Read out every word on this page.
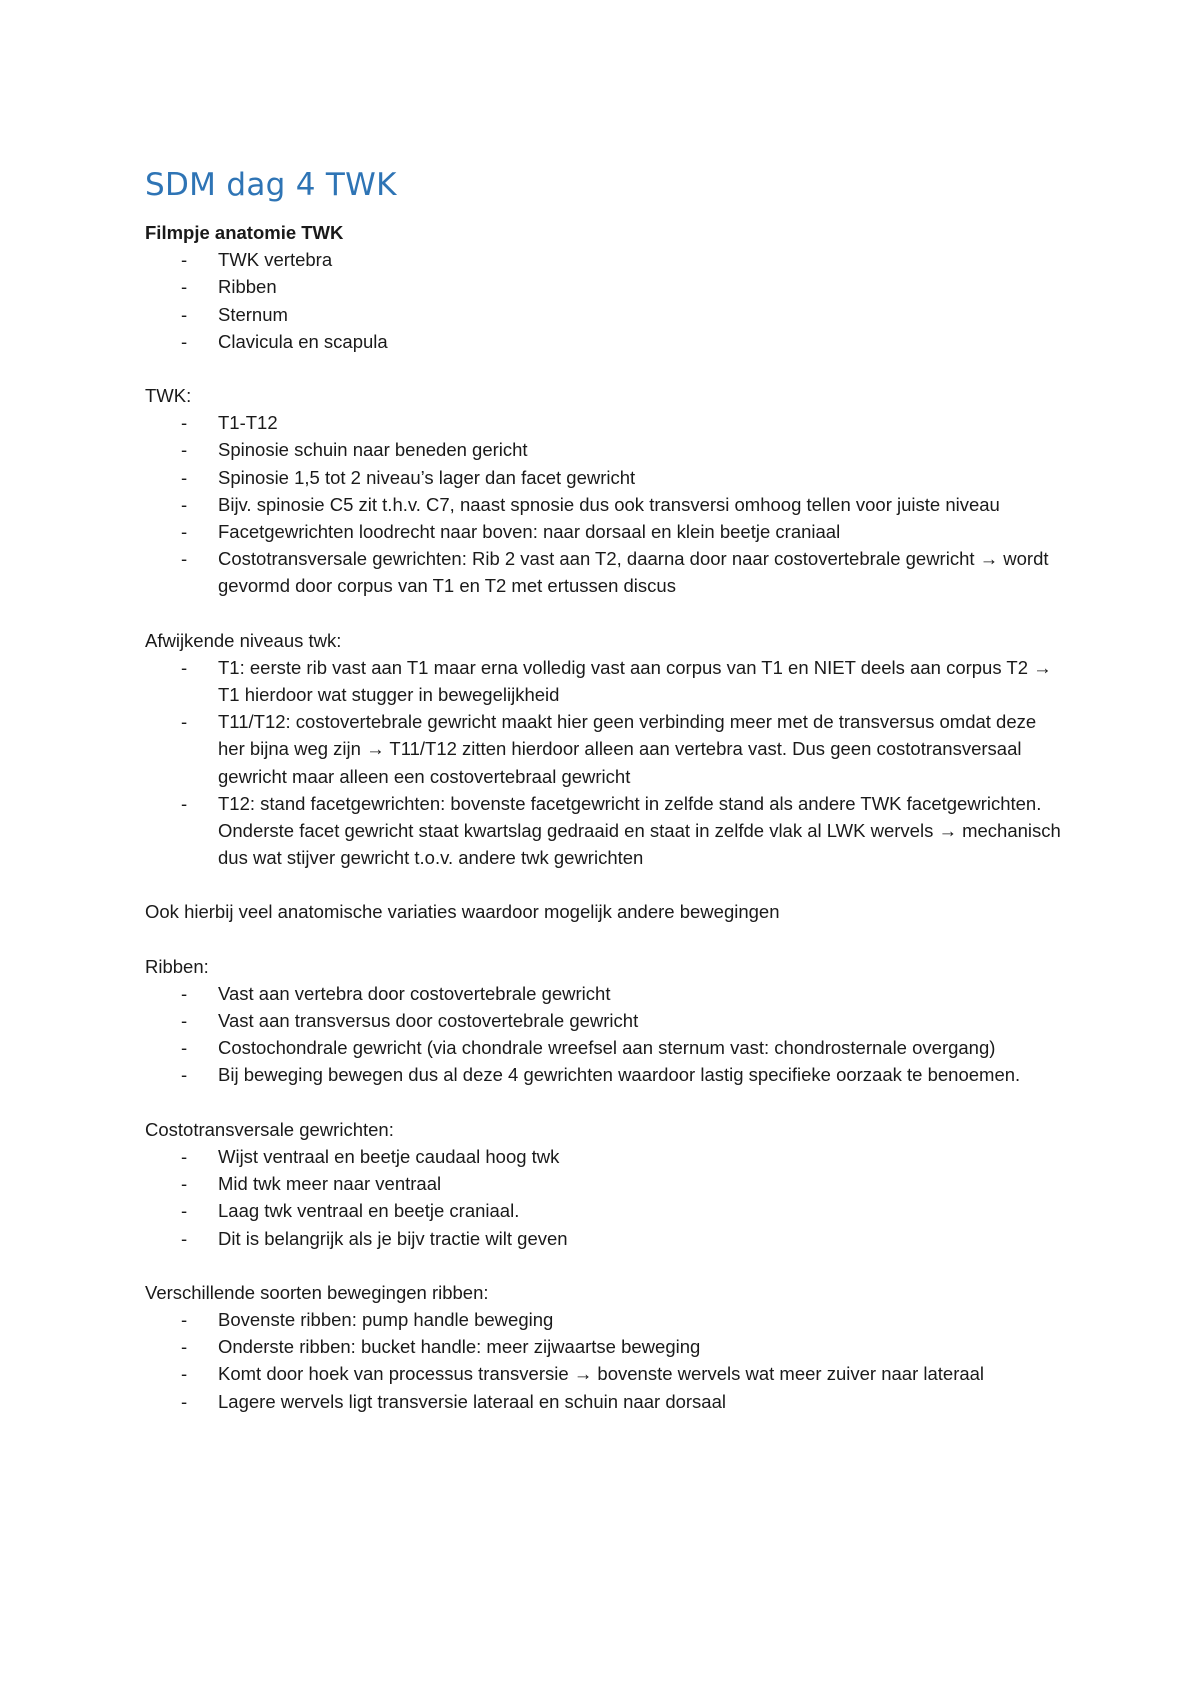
SDM dag 4 TWK
Filmpje anatomie TWK
- TWK vertebra
- Ribben
- Sternum
- Clavicula en scapula
TWK:
- T1-T12
- Spinosie schuin naar beneden gericht
- Spinosie 1,5 tot 2 niveau’s lager dan facet gewricht
- Bijv. spinosie C5 zit t.h.v. C7, naast spnosie dus ook transversi omhoog tellen voor juiste niveau
- Facetgewrichten loodrecht naar boven: naar dorsaal en klein beetje craniaal
- Costotransversale gewrichten: Rib 2 vast aan T2, daarna door naar costovertebrale gewricht → wordt gevormd door corpus van T1 en T2 met ertussen discus
Afwijkende niveaus twk:
- T1: eerste rib vast aan T1 maar erna volledig vast aan corpus van T1 en NIET deels aan corpus T2 → T1 hierdoor wat stugger in bewegelijkheid
- T11/T12: costovertebrale gewricht maakt hier geen verbinding meer met de transversus omdat deze her bijna weg zijn → T11/T12 zitten hierdoor alleen aan vertebra vast. Dus geen costotransversaal gewricht maar alleen een costovertebraal gewricht
- T12: stand facetgewrichten: bovenste facetgewricht in zelfde stand als andere TWK facetgewrichten. Onderste facet gewricht staat kwartslag gedraaid en staat in zelfde vlak al LWK wervels → mechanisch dus wat stijver gewricht t.o.v. andere twk gewrichten
Ook hierbij veel anatomische variaties waardoor mogelijk andere bewegingen
Ribben:
- Vast aan vertebra door costovertebrale gewricht
- Vast aan transversus door costovertebrale gewricht
- Costochondrale gewricht (via chondrale wreefsel aan sternum vast: chondrosternale overgang)
- Bij beweging bewegen dus al deze 4 gewrichten waardoor lastig specifieke oorzaak te benoemen.
Costotransversale gewrichten:
- Wijst ventraal en beetje caudaal hoog twk
- Mid twk meer naar ventraal
- Laag twk ventraal en beetje craniaal.
- Dit is belangrijk als je bijv tractie wilt geven
Verschillende soorten bewegingen ribben:
- Bovenste ribben: pump handle beweging
- Onderste ribben: bucket handle: meer zijwaartse beweging
- Komt door hoek van processus transversie → bovenste wervels wat meer zuiver naar lateraal
- Lagere wervels ligt transversie lateraal en schuin naar dorsaal
